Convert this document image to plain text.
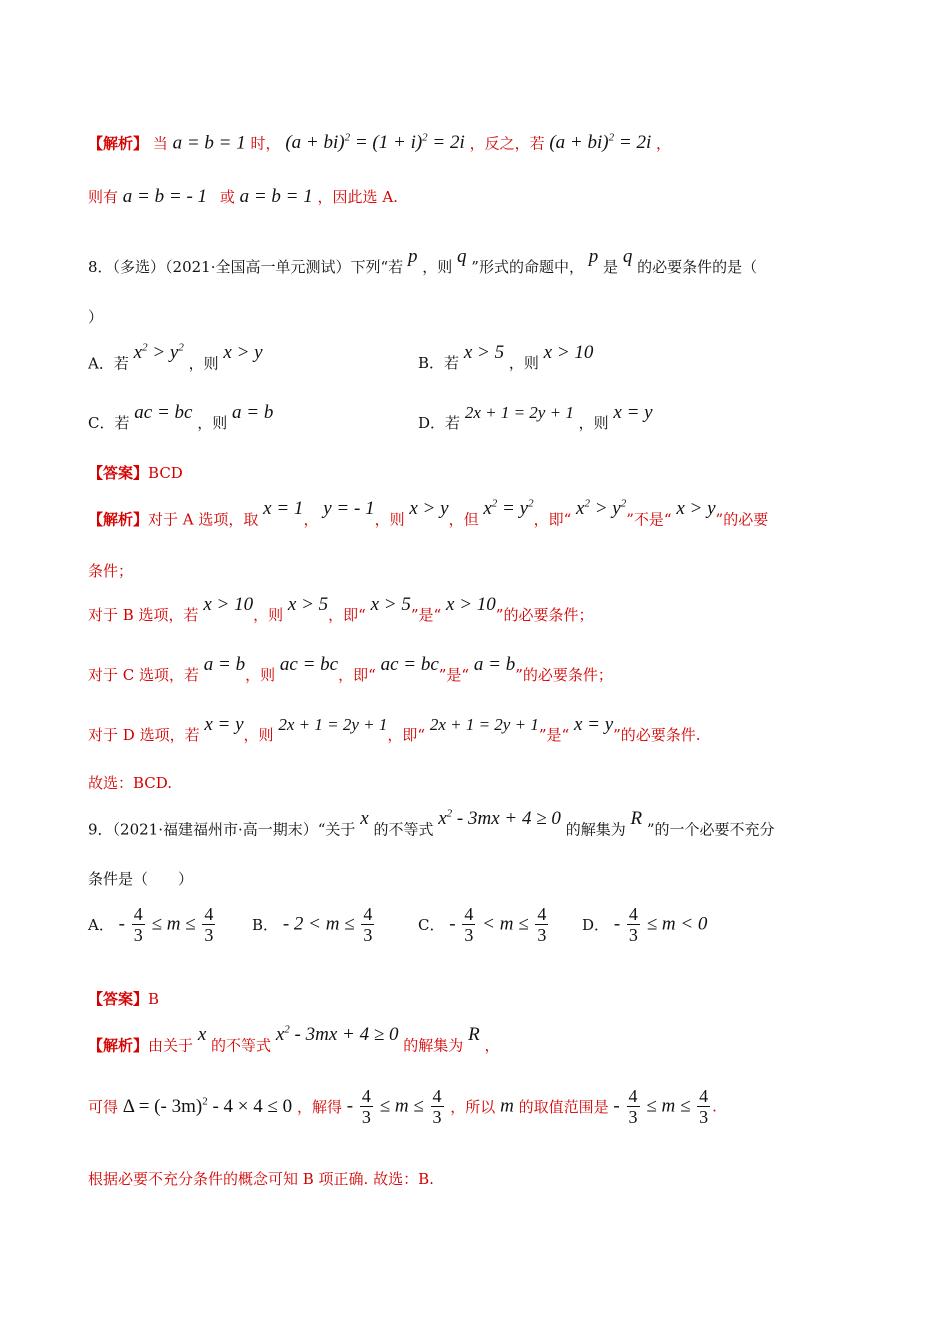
【解析】 当 a = b = 1 时， $(a + bi)^2 = (1 + i)^2 = 2i$ ，反之，若 (a + bi)$^2$ = 2i ，
则有 a = b = - 1 或 a = b = 1 ，因此选 A.
8．（多选）（2021·全国高一单元测试）下列“若 p ，则 q ”形式的命题中， p 是 q 的必要条件的是（
）
A．若 $x^2 > y^2$ ，则 x > y	B．若 x > 5 ，则 x > 10
C．若 ac = bc ，则 a = b	D．若 2x + 1 = 2y + 1 ，则 x = y
【答案】BCD
【解析】对于 A 选项，取 x = 1， y = - 1，则 x > y，但 $x^2 = y^2$，即“ $x^2 > y^2$”不是“ x > y”的必要
条件；
对于 B 选项，若 x > 10，则 x > 5，即“ x > 5”是“ x > 10”的必要条件；
对于 C 选项，若 a = b，则 ac = bc，即“ ac = bc”是“ a = b”的必要条件；
对于 D 选项，若 x = y，则 2x + 1 = 2y + 1，即“ 2x + 1 = 2y + 1”是“ x = y”的必要条件.
故选：BCD.
9．（2021·福建福州市·高一期末）“关于 x 的不等式 $x^2 - 3mx + 4 \ge 0$ 的解集为 R ”的一个必要不充分
条件是（　　）
A． - $\frac{4}{3} \le m \le \frac{4}{3}$ B． - $2 < m \le \frac{4}{3}$	C． - $\frac{4}{3} < m \le \frac{4}{3}$ D． - $\frac{4}{3} \le m < 0$
【答案】B
【解析】由关于 x 的不等式 $x^2 - 3mx + 4 \ge 0$ 的解集为 R ，
可得 Δ = (- 3m)$^2$ - 4 × 4 ≤ 0 ，解得 - $\frac{4}{3} \le m \le \frac{4}{3}$ ，所以 m 的取值范围是 - $\frac{4}{3} \le m \le \frac{4}{3}$ .
根据必要不充分条件的概念可知 B 项正确. 故选：B.
